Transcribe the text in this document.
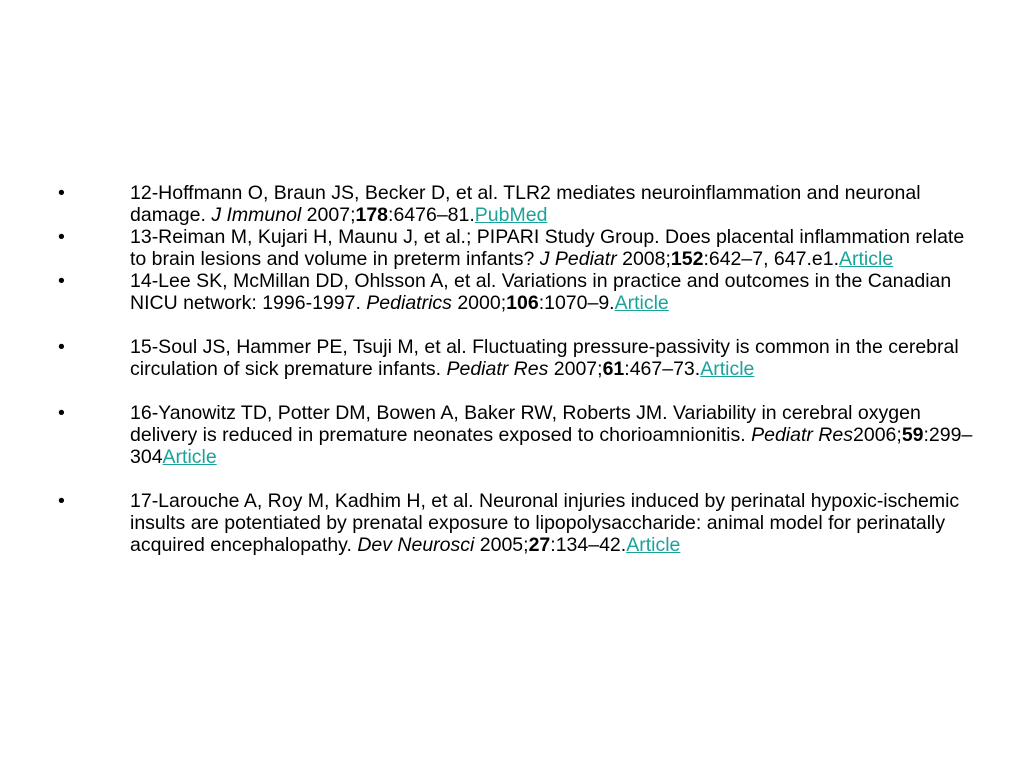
•	12-Hoffmann O, Braun JS, Becker D, et al. TLR2 mediates neuroinflammation and neuronal damage. J Immunol 2007;178:6476–81.PubMed
•	13-Reiman M, Kujari H, Maunu J, et al.; PIPARI Study Group. Does placental inflammation relate to brain lesions and volume in preterm infants? J Pediatr 2008;152:642–7, 647.e1.Article
•	14-Lee SK, McMillan DD, Ohlsson A, et al. Variations in practice and outcomes in the Canadian NICU network: 1996-1997. Pediatrics 2000;106:1070–9.Article
•	15-Soul JS, Hammer PE, Tsuji M, et al. Fluctuating pressure-passivity is common in the cerebral circulation of sick premature infants. Pediatr Res 2007;61:467–73.Article
•	16-Yanowitz TD, Potter DM, Bowen A, Baker RW, Roberts JM. Variability in cerebral oxygen delivery is reduced in premature neonates exposed to chorioamnionitis. Pediatr Res2006;59:299–304Article
•	17-Larouche A, Roy M, Kadhim H, et al. Neuronal injuries induced by perinatal hypoxic-ischemic insults are potentiated by prenatal exposure to lipopolysaccharide: animal model for perinatally acquired encephalopathy. Dev Neurosci 2005;27:134–42.Article
